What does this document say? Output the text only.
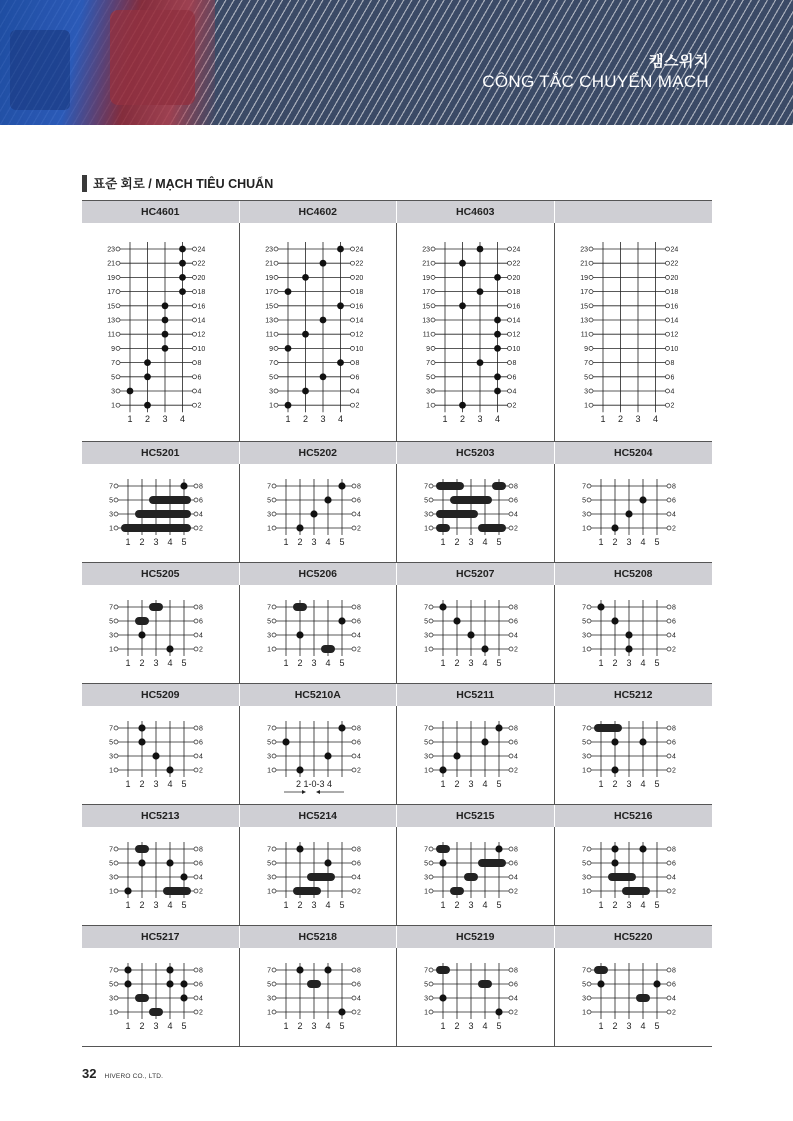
캠스위치
CÔNG TẮC CHUYỂN MẠCH
표준 회로 / MẠCH TIÊU CHUẨN
HC4601	HC4602	HC4603
23	24
21	22
19	20
17	18
15	16
13	14
11	12
9	10
7	8
5	6
3	4
1	2
1 2 3 4
23	24
21	22
19	20
17	18
15	16
13	14
11	12
9	10
7	8
5	6
3	4
1	2
1 2 3 4
23	24
21	22
19	20
17	18
15	16
13	14
11	12
9	10
7	8
5	6
3	4
1	2
1 2 3 4
23	24
21	22
19	20
17	18
15	16
13	14
11	12
9	10
7	8
5	6
3	4
1	2
1 2 3 4
HC5201	HC5202	HC5203	HC5204
7	8
5	6
3	4
1	2
1 2 3 4 5
7	8
5	6
3	4
1	2
1 2 3 4 5
7	8
5	6
3	4
1	2
1 2 3 4 5
7	8
5	6
3	4
1	2
1 2 3 4 5
HC5205	HC5206	HC5207	HC5208
7	8
5	6
3	4
1	2
1 2 3 4 5
7	8
5	6
3	4
1	2
1 2 3 4 5
7	8
5	6
3	4
1	2
1 2 3 4 5
7	8
5	6
3	4
1	2
1 2 3 4 5
HC5209	HC5210A	HC5211	HC5212
7	8
5	6
3	4
1	2
1 2 3 4 5
7	8
5	6
3	4
1	2
2 1-0-3 4
7	8
5	6
3	4
1	2
1 2 3 4 5
7	8
5	6
3	4
1	2
1 2 3 4 5
HC5213	HC5214	HC5215	HC5216
7	8
5	6
3	4
1	2
1 2 3 4 5
7	8
5	6
3	4
1	2
1 2 3 4 5
7	8
5	6
3	4
1	2
1 2 3 4 5
7	8
5	6
3	4
1	2
1 2 3 4 5
HC5217	HC5218	HC5219	HC5220
7	8
5	6
3	4
1	2
1 2 3 4 5
7	8
5	6
3	4
1	2
1 2 3 4 5
7	8
5	6
3	4
1	2
1 2 3 4 5
7	8
5	6
3	4
1	2
1 2 3 4 5
32 HIVERO CO., LTD.
